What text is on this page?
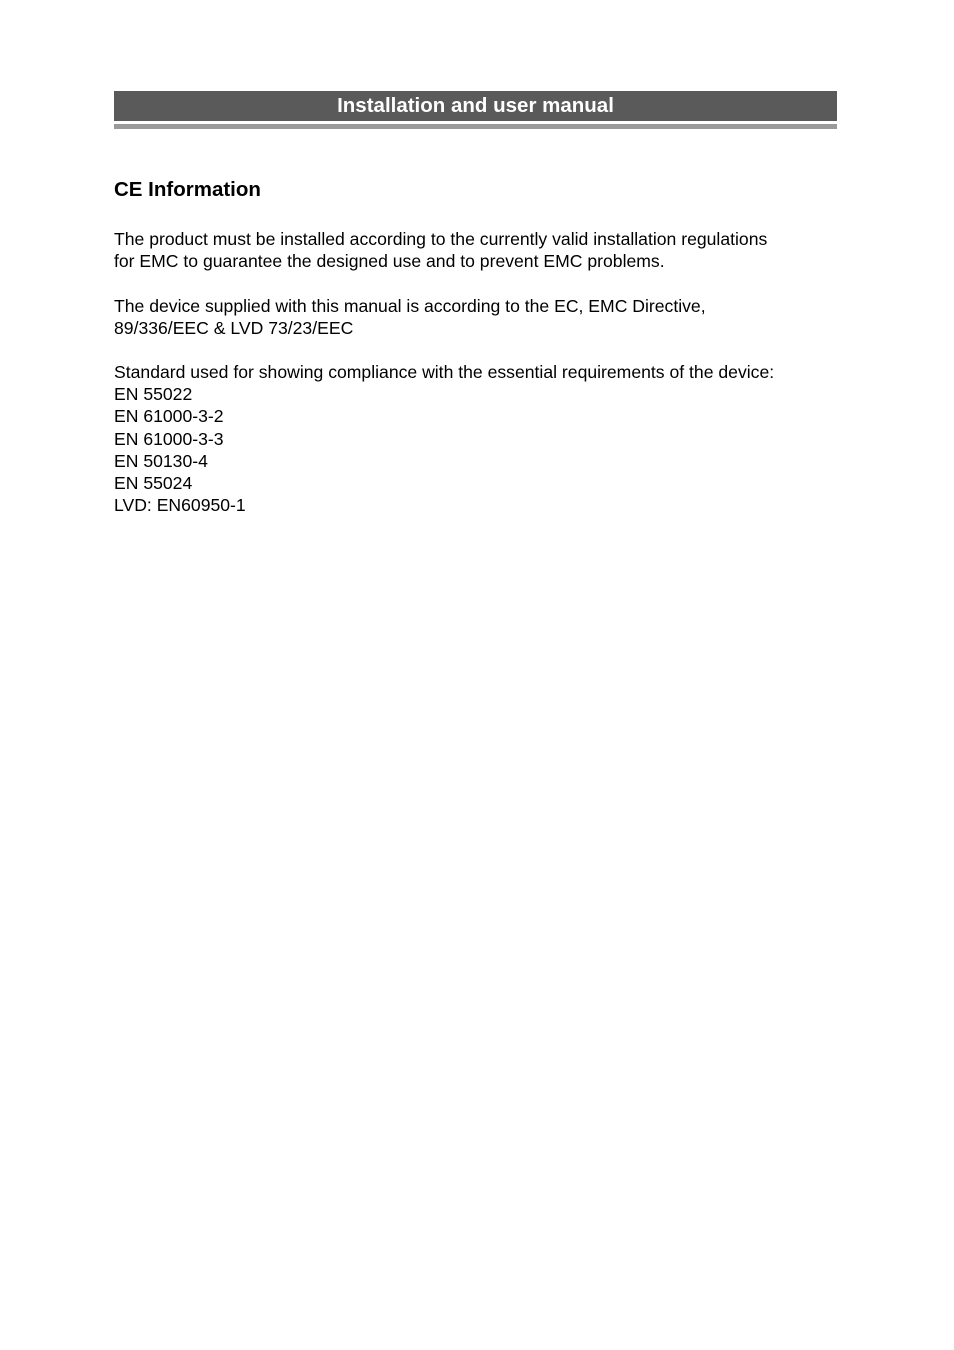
Installation and user manual
CE Information

The product must be installed according to the currently valid installation regulations
for EMC to guarantee the designed use and to prevent EMC problems.

The device supplied with this manual is according to the EC, EMC Directive,
89/336/EEC & LVD 73/23/EEC

Standard used for showing compliance with the essential requirements of the device:
EN 55022
EN 61000-3-2
EN 61000-3-3
EN 50130-4
EN 55024
LVD: EN60950-1
